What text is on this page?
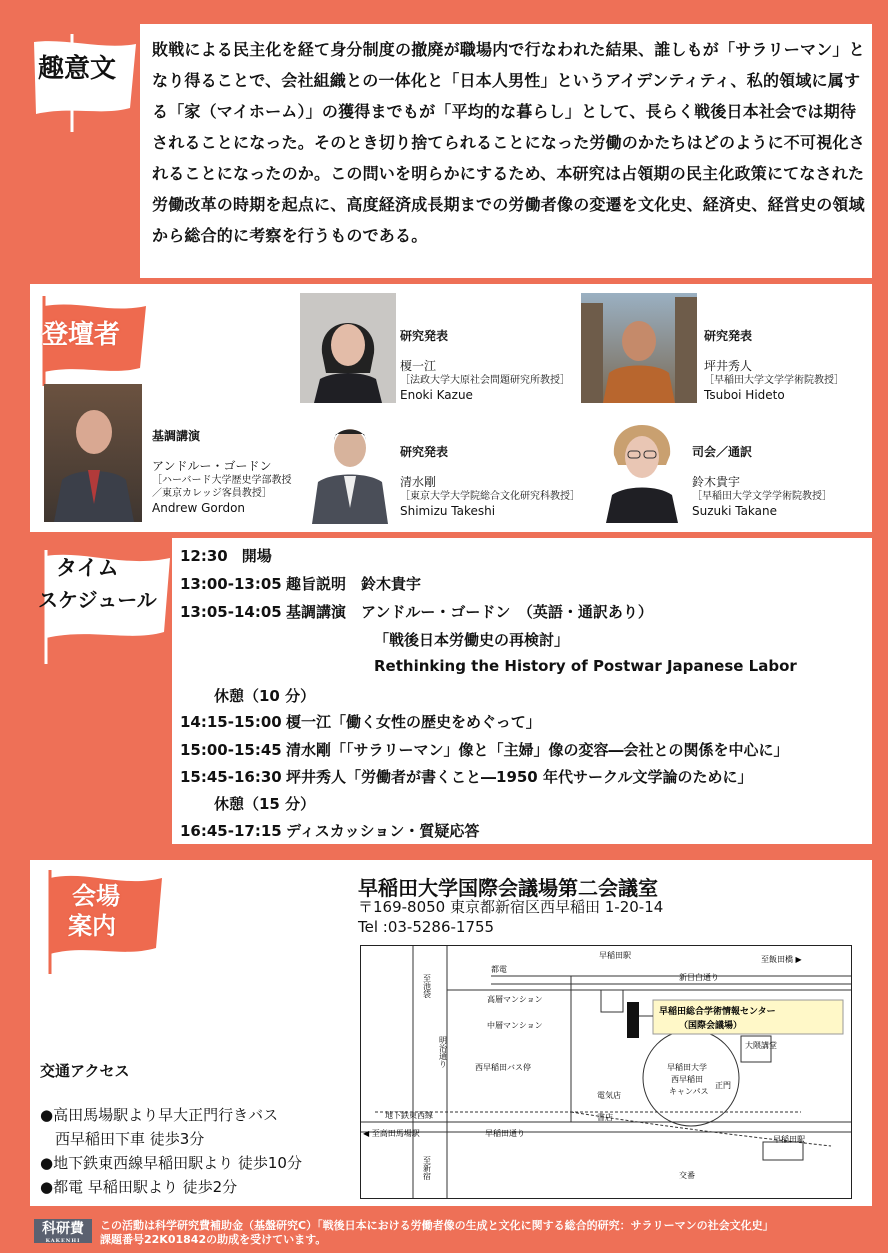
趣意文
敗戦による民主化を経て身分制度の撤廃が職場内で行なわれた結果、誰しもが「サラリーマン」となり得ることで、会社組織との一体化と「日本人男性」というアイデンティティ、私的領域に属する「家（マイホーム）」の獲得までもが「平均的な暮らし」として、長らく戦後日本社会では期待されることになった。そのとき切り捨てられることになった労働のかたちはどのように不可視化されることになったのか。この問いを明らかにするため、本研究は占領期の民主化政策にてなされた労働改革の時期を起点に、高度経済成長期までの労働者像の変遷を文化史、経済史、経営史の領域から総合的に考察を行うものである。
登壇者
基調講演
アンドルー・ゴードン
［ハーバード大学歴史学部教授
／東京カレッジ客員教授］
Andrew Gordon
研究発表
榎一江
［法政大学大原社会問題研究所教授］
Enoki Kazue
研究発表
清水剛
［東京大学大学院総合文化研究科教授］
Shimizu Takeshi
研究発表
坪井秀人
［早稲田大学文学学術院教授］
Tsuboi Hideto
司会／通訳
鈴木貴宇
［早稲田大学文学学術院教授］
Suzuki Takane
タイム
スケジュール
12:30 開場
13:00-13:05 趣旨説明　鈴木貴宇
13:05-14:05 基調講演　アンドルー・ゴードン　（英語・通訳あり）
「戦後日本労働史の再検討」
Rethinking the History of Postwar Japanese Labor
休憩（10 分）
14:15-15:00 榎一江「働く女性の歴史をめぐって」
15:00-15:45 清水剛「「サラリーマン」像と「主婦」像の変容―会社との関係を中心に」
15:45-16:30 坪井秀人「労働者が書くこと―1950 年代サークル文学論のために」
休憩（15 分）
16:45-17:15 ディスカッション・質疑応答
会場
案内
早稲田大学国際会議場第二会議室
〒169-8050 東京都新宿区西早稲田 1-20-14
Tel :03-5286-1755
交通アクセス
●高田馬場駅より早大正門行きバス
　西早稲田下車 徒歩3分
●地下鉄東西線早稲田駅より 徒歩10分
●都電 早稲田駅より 徒歩2分
早稲田駅
都電
至飯田橋 ▶
新目白通り
高層マンション
中層マンション
至池袋
明治通り	西早稲田バス停
早稲田総合学術情報センター
（国際会議場）
大隈講堂
早稲田大学
西早稲田
キャンパス
正門
電気店
書店
地下鉄東西線
◀ 至高田馬場駅	早稲田通り
至新宿
早稲田駅
交番
科研費
KAKENHI
この活動は科学研究費補助金（基盤研究C）「戦後日本における労働者像の生成と文化に関する総合的研究：サラリーマンの社会文化史」
課題番号22K01842の助成を受けています。
